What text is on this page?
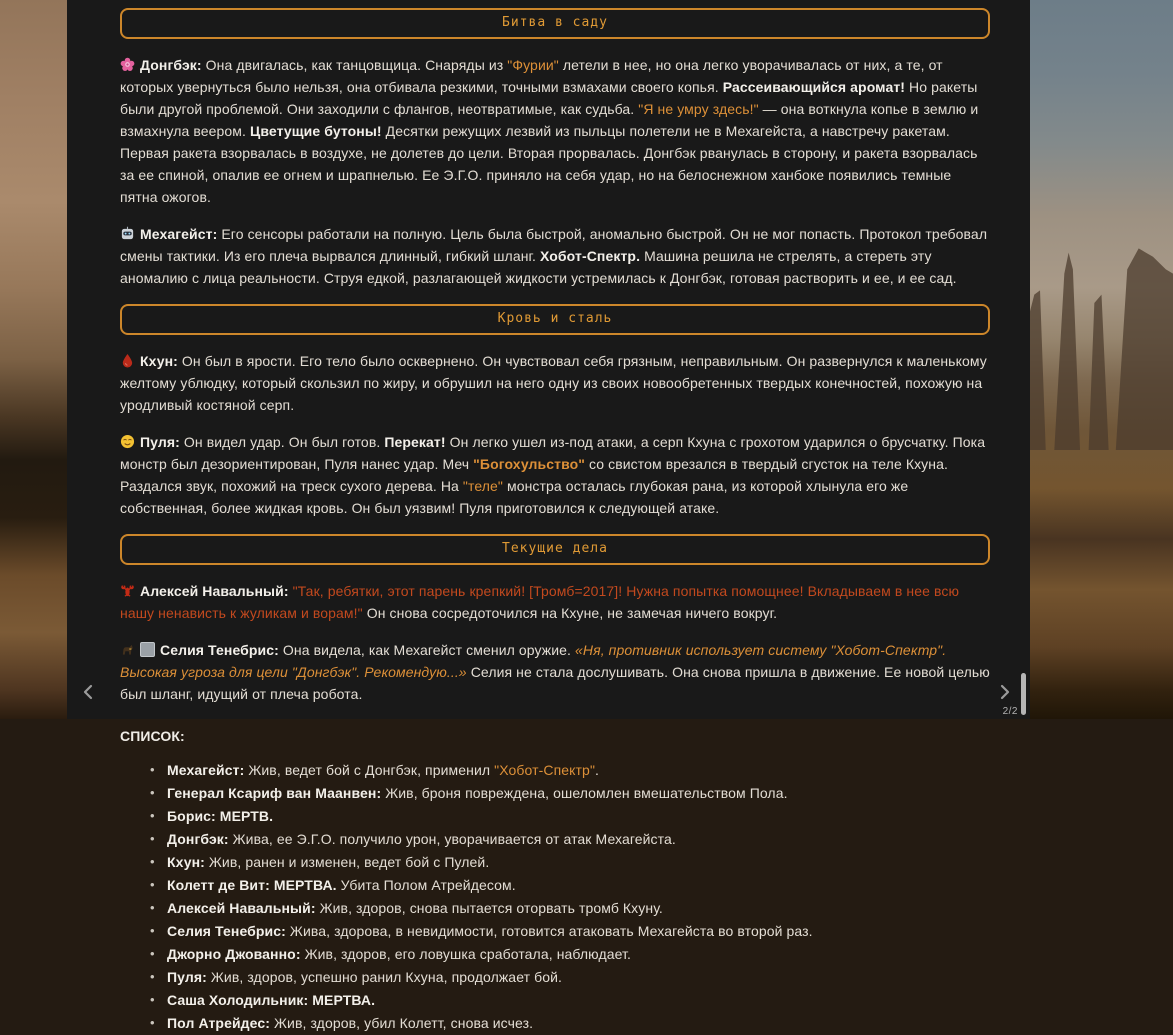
Битва в саду

Донгбэк: Она двигалась, как танцовщица. Снаряды из "Фурии" летели в нее, но она легко уворачивалась от них, а те, от которых увернуться было нельзя, она отбивала резкими, точными взмахами своего копья. Рассеивающийся аромат! Но ракеты были другой проблемой. Они заходили с флангов, неотвратимые, как судьба. "Я не умру здесь!" — она воткнула копье в землю и взмахнула веером. Цветущие бутоны! Десятки режущих лезвий из пыльцы полетели не в Мехагейста, а навстречу ракетам. Первая ракета взорвалась в воздухе, не долетев до цели. Вторая прорвалась. Донгбэк рванулась в сторону, и ракета взорвалась за ее спиной, опалив ее огнем и шрапнелью. Ее Э.Г.О. приняло на себя удар, но на белоснежном ханбоке появились темные пятна ожогов.

Мехагейст: Его сенсоры работали на полную. Цель была быстрой, аномально быстрой. Он не мог попасть. Протокол требовал смены тактики. Из его плеча вырвался длинный, гибкий шланг. Хобот-Спектр. Машина решила не стрелять, а стереть эту аномалию с лица реальности. Струя едкой, разлагающей жидкости устремилась к Донгбэк, готовая растворить и ее, и ее сад.

Кровь и сталь

Кхун: Он был в ярости. Его тело было осквернено. Он чувствовал себя грязным, неправильным. Он развернулся к маленькому желтому ублюдку, который скользил по жиру, и обрушил на него одну из своих новообретенных твердых конечностей, похожую на уродливый костяной серп.

Пуля: Он видел удар. Он был готов. Перекат! Он легко ушел из-под атаки, а серп Кхуна с грохотом ударился о брусчатку. Пока монстр был дезориентирован, Пуля нанес удар. Меч "Богохульство" со свистом врезался в твердый сгусток на теле Кхуна. Раздался звук, похожий на треск сухого дерева. На "теле" монстра осталась глубокая рана, из которой хлынула его же собственная, более жидкая кровь. Он был уязвим! Пуля приготовился к следующей атаке.

Текущие дела

Алексей Навальный: "Так, ребятки, этот парень крепкий! [Тромб=2017]! Нужна попытка помощнее! Вкладываем в нее всю нашу ненависть к жуликам и ворам!" Он снова сосредоточился на Кхуне, не замечая ничего вокруг.

Селия Тенебрис: Она видела, как Мехагейст сменил оружие. «Ня, противник использует систему "Хобот-Спектр". Высокая угроза для цели "Донгбэк". Рекомендую...» Селия не стала дослушивать. Она снова пришла в движение. Ее новой целью был шланг, идущий от плеча робота.

СПИСОК:
• Мехагейст: Жив, ведет бой с Донгбэк, применил "Хобот-Спектр".
• Генерал Ксариф ван Маанвен: Жив, броня повреждена, ошеломлен вмешательством Пола.
• Борис: МЕРТВ.
• Донгбэк: Жива, ее Э.Г.О. получило урон, уворачивается от атак Мехагейста.
• Кхун: Жив, ранен и изменен, ведет бой с Пулей.
• Колетт де Вит: МЕРТВА. Убита Полом Атрейдесом.
• Алексей Навальный: Жив, здоров, снова пытается оторвать тромб Кхуну.
• Селия Тенебрис: Жива, здорова, в невидимости, готовится атаковать Мехагейста во второй раз.
• Джорно Джованно: Жив, здоров, его ловушка сработала, наблюдает.
• Пуля: Жив, здоров, успешно ранил Кхуна, продолжает бой.
• Саша Холодильник: МЕРТВА.
• Пол Атрейдес: Жив, здоров, убил Колетт, снова исчез.
2/2
